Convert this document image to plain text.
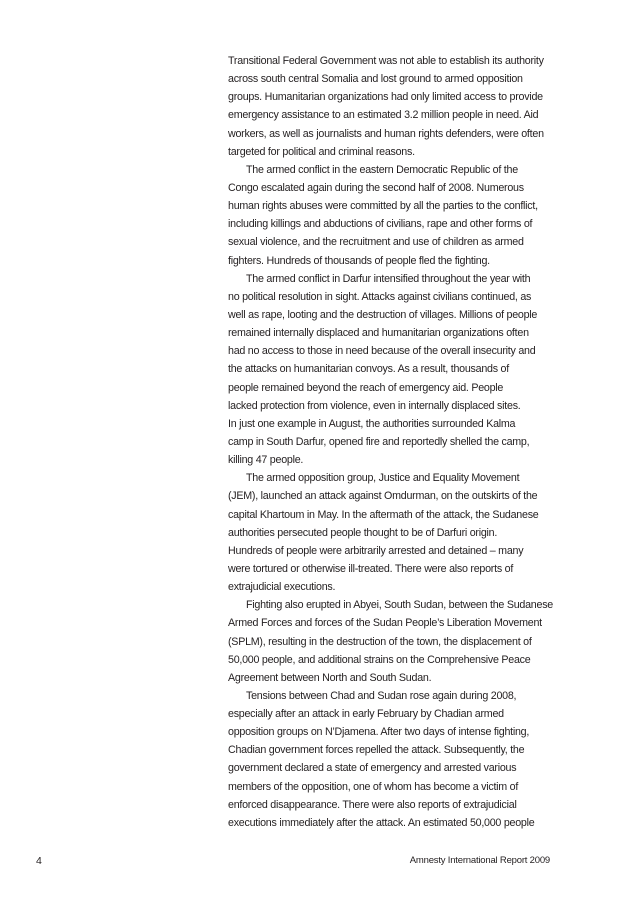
Transitional Federal Government was not able to establish its authority
across south central Somalia and lost ground to armed opposition
groups. Humanitarian organizations had only limited access to provide
emergency assistance to an estimated 3.2 million people in need. Aid
workers, as well as journalists and human rights defenders, were often
targeted for political and criminal reasons.
The armed conflict in the eastern Democratic Republic of the
Congo escalated again during the second half of 2008. Numerous
human rights abuses were committed by all the parties to the conflict,
including killings and abductions of civilians, rape and other forms of
sexual violence, and the recruitment and use of children as armed
fighters. Hundreds of thousands of people fled the fighting.
The armed conflict in Darfur intensified throughout the year with
no political resolution in sight. Attacks against civilians continued, as
well as rape, looting and the destruction of villages. Millions of people
remained internally displaced and humanitarian organizations often
had no access to those in need because of the overall insecurity and
the attacks on humanitarian convoys. As a result, thousands of
people remained beyond the reach of emergency aid. People
lacked protection from violence, even in internally displaced sites.
In just one example in August, the authorities surrounded Kalma
camp in South Darfur, opened fire and reportedly shelled the camp,
killing 47 people.
The armed opposition group, Justice and Equality Movement
(JEM), launched an attack against Omdurman, on the outskirts of the
capital Khartoum in May. In the aftermath of the attack, the Sudanese
authorities persecuted people thought to be of Darfuri origin.
Hundreds of people were arbitrarily arrested and detained – many
were tortured or otherwise ill-treated. There were also reports of
extrajudicial executions.
Fighting also erupted in Abyei, South Sudan, between the Sudanese
Armed Forces and forces of the Sudan People’s Liberation Movement
(SPLM), resulting in the destruction of the town, the displacement of
50,000 people, and additional strains on the Comprehensive Peace
Agreement between North and South Sudan.
Tensions between Chad and Sudan rose again during 2008,
especially after an attack in early February by Chadian armed
opposition groups on N’Djamena. After two days of intense fighting,
Chadian government forces repelled the attack. Subsequently, the
government declared a state of emergency and arrested various
members of the opposition, one of whom has become a victim of
enforced disappearance. There were also reports of extrajudicial
executions immediately after the attack. An estimated 50,000 people
4	Amnesty International Report 2009
